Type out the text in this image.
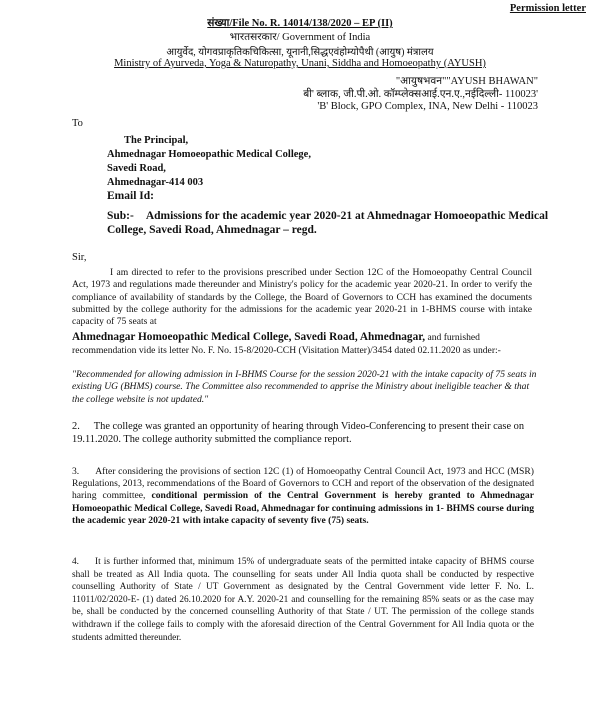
Permission letter
संख्या/File No. R. 14014/138/2020 – EP (II)
भारतसरकार/ Government of India
आयुर्वेद, योगवप्राकृतिकचिकित्सा, यूनानी,सिद्धएवंहोम्योपैथी (आयुष) मंत्रालय
Ministry of Ayurveda, Yoga & Naturopathy, Unani, Siddha and Homoeopathy (AYUSH)
"आयुषभवन""AYUSH BHAWAN"
बी' ब्लाक, जी.पी.ओ. कॉम्प्लेक्सआई.एन.ए.,नईदिल्ली- 110023'
'B' Block, GPO Complex, INA, New Delhi - 110023
To
The Principal,
Ahmednagar Homoeopathic Medical College,
Savedi Road,
Ahmednagar-414 003
Email Id:
Sub:- Admissions for the academic year 2020-21 at Ahmednagar Homoeopathic Medical College, Savedi Road, Ahmednagar – regd.
Sir,
I am directed to refer to the provisions prescribed under Section 12C of the Homoeopathy Central Council Act, 1973 and regulations made thereunder and Ministry's policy for the academic year 2020-21. In order to verify the compliance of availability of standards by the College, the Board of Governors to CCH has examined the documents submitted by the college authority for the admissions for the academic year 2020-21 in 1-BHMS course with intake capacity of 75 seats at
Ahmednagar Homoeopathic Medical College, Savedi Road, Ahmednagar, and furnished
recommendation vide its letter No. F. No. 15-8/2020-CCH (Visitation Matter)/3454 dated 02.11.2020 as under:-
"Recommended for allowing admission in I-BHMS Course for the session 2020-21 with the intake capacity of 75 seats in existing UG (BHMS) course. The Committee also recommended to apprise the Ministry about ineligible teacher & that the college website is not updated."
2. The college was granted an opportunity of hearing through Video-Conferencing to present their case on 19.11.2020. The college authority submitted the compliance report.
3. After considering the provisions of section 12C (1) of Homoeopathy Central Council Act, 1973 and HCC (MSR) Regulations, 2013, recommendations of the Board of Governors to CCH and report of the observation of the designated haring committee, conditional permission of the Central Government is hereby granted to Ahmednagar Homoeopathic Medical College, Savedi Road, Ahmednagar for continuing admissions in 1- BHMS course during the academic year 2020-21 with intake capacity of seventy five (75) seats.
4. It is further informed that, minimum 15% of undergraduate seats of the permitted intake capacity of BHMS course shall be treated as All India quota. The counselling for seats under All India quota shall be conducted by respective counselling Authority of State / UT Government as designated by the Central Government vide letter F. No. L. 11011/02/2020-E- (1) dated 26.10.2020 for A.Y. 2020-21 and counselling for the remaining 85% seats or as the case may be, shall be conducted by the concerned counselling Authority of that State / UT. The permission of the college stands withdrawn if the college fails to comply with the aforesaid direction of the Central Government for All India quota or the students admitted thereunder.
